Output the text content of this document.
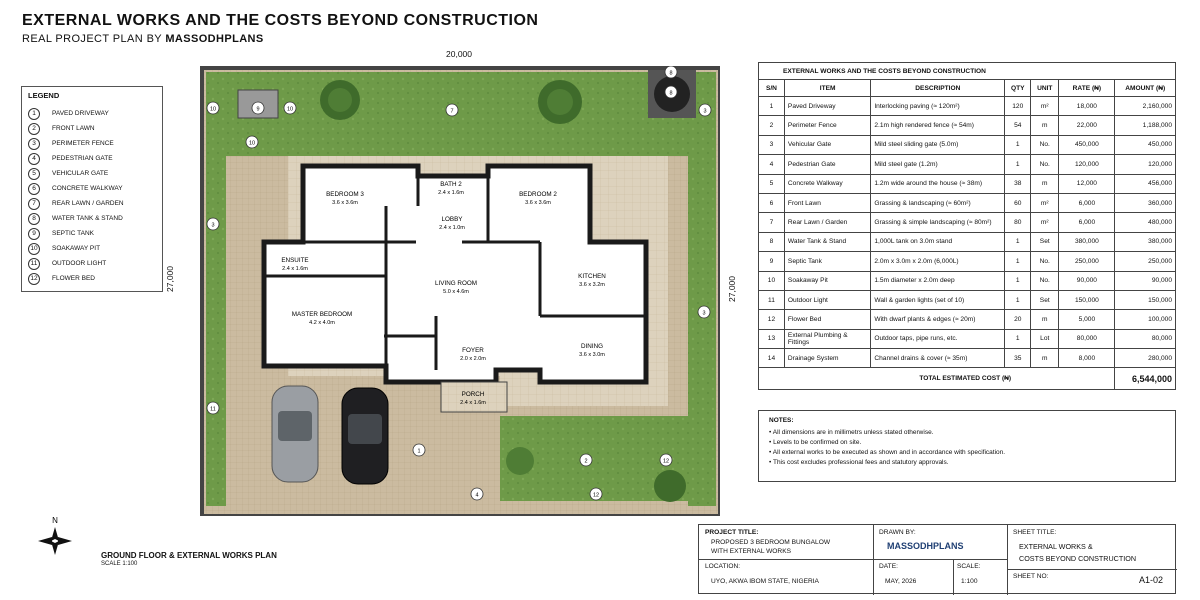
EXTERNAL WORKS AND THE COSTS BEYOND CONSTRUCTION
REAL PROJECT PLAN BY MASSODHPLANS
LEGEND
1	PAVED DRIVEWAY
2	FRONT LAWN
3	PERIMETER FENCE
4	PEDESTRIAN GATE
5	VEHICULAR GATE
6	CONCRETE WALKWAY
7	REAR LAWN / GARDEN
8	WATER TANK & STAND
9	SEPTIC TANK
10	SOAKAWAY PIT
11	OUTDOOR LIGHT
12	FLOWER BED
BEDROOM 3
3.6 x 3.6m
BATH 2
2.4 x 1.6m	BEDROOM 2
3.6 x 3.6m
LOBBY
2.4 x 1.0m
ENSUITE
2.4 x 1.6m
LIVING ROOM
5.0 x 4.6m
KITCHEN
3.6 x 3.2m
MASTER BEDROOM
4.2 x 4.0m
DINING
3.6 x 3.0m
FOYER
2.0 x 2.0m
PORCH
2.4 x 1.6m
1
2
3
3
4
7
8
8
9
10	10
10
11
12
12
3
20,000
27,000	27,000
N
GROUND FLOOR & EXTERNAL WORKS PLAN
SCALE 1:100
EXTERNAL WORKS AND THE COSTS BEYOND CONSTRUCTION						
S/N	ITEM	DESCRIPTION	QTY	UNIT	RATE (₦)	AMOUNT (₦)
1	Paved Driveway	Interlocking paving (≈ 120m²)	120	m²	18,000	2,160,000
2	Perimeter Fence	2.1m high rendered fence (≈ 54m)	54	m	22,000	1,188,000
3	Vehicular Gate	Mild steel sliding gate (5.0m)	1	No.	450,000	450,000
4	Pedestrian Gate	Mild steel gate (1.2m)	1	No.	120,000	120,000
5	Concrete Walkway	1.2m wide around the house (≈ 38m)	38	m	12,000	456,000
6	Front Lawn	Grassing & landscaping (≈ 60m²)	60	m²	6,000	360,000
7	Rear Lawn / Garden	Grassing & simple landscaping (≈ 80m²)	80	m²	6,000	480,000
8	Water Tank & Stand	1,000L tank on 3.0m stand	1	Set	380,000	380,000
9	Septic Tank	2.0m x 3.0m x 2.0m (6,000L)	1	No.	250,000	250,000
10	Soakaway Pit	1.5m diameter x 2.0m deep	1	No.	90,000	90,000
11	Outdoor Light	Wall & garden lights (set of 10)	1	Set	150,000	150,000
12	Flower Bed	With dwarf plants & edges (≈ 20m)	20	m	5,000	100,000
13	External Plumbing & Fittings	Outdoor taps, pipe runs, etc.	1	Lot	80,000	80,000
14	Drainage System	Channel drains & cover (≈ 35m)	35	m	8,000	280,000
TOTAL ESTIMATED COST (₦)						6,544,000
NOTES:
• All dimensions are in millimetrs unless stated otherwise.
• Levels to be confirmed on site.
• All external works to be executed as shown and in accordance with specification.
• This cost excludes professional fees and statutory approvals.
PROJECT TITLE:
PROPOSED 3 BEDROOM BUNGALOW
WITH EXTERNAL WORKS
DRAWN BY:
MASSODHPLANS
SHEET TITLE:
EXTERNAL WORKS &
COSTS BEYOND CONSTRUCTION
LOCATION:
UYO, AKWA IBOM STATE, NIGERIA
DATE:
MAY, 2026
SCALE:
1:100
SHEET NO:	A1-02
